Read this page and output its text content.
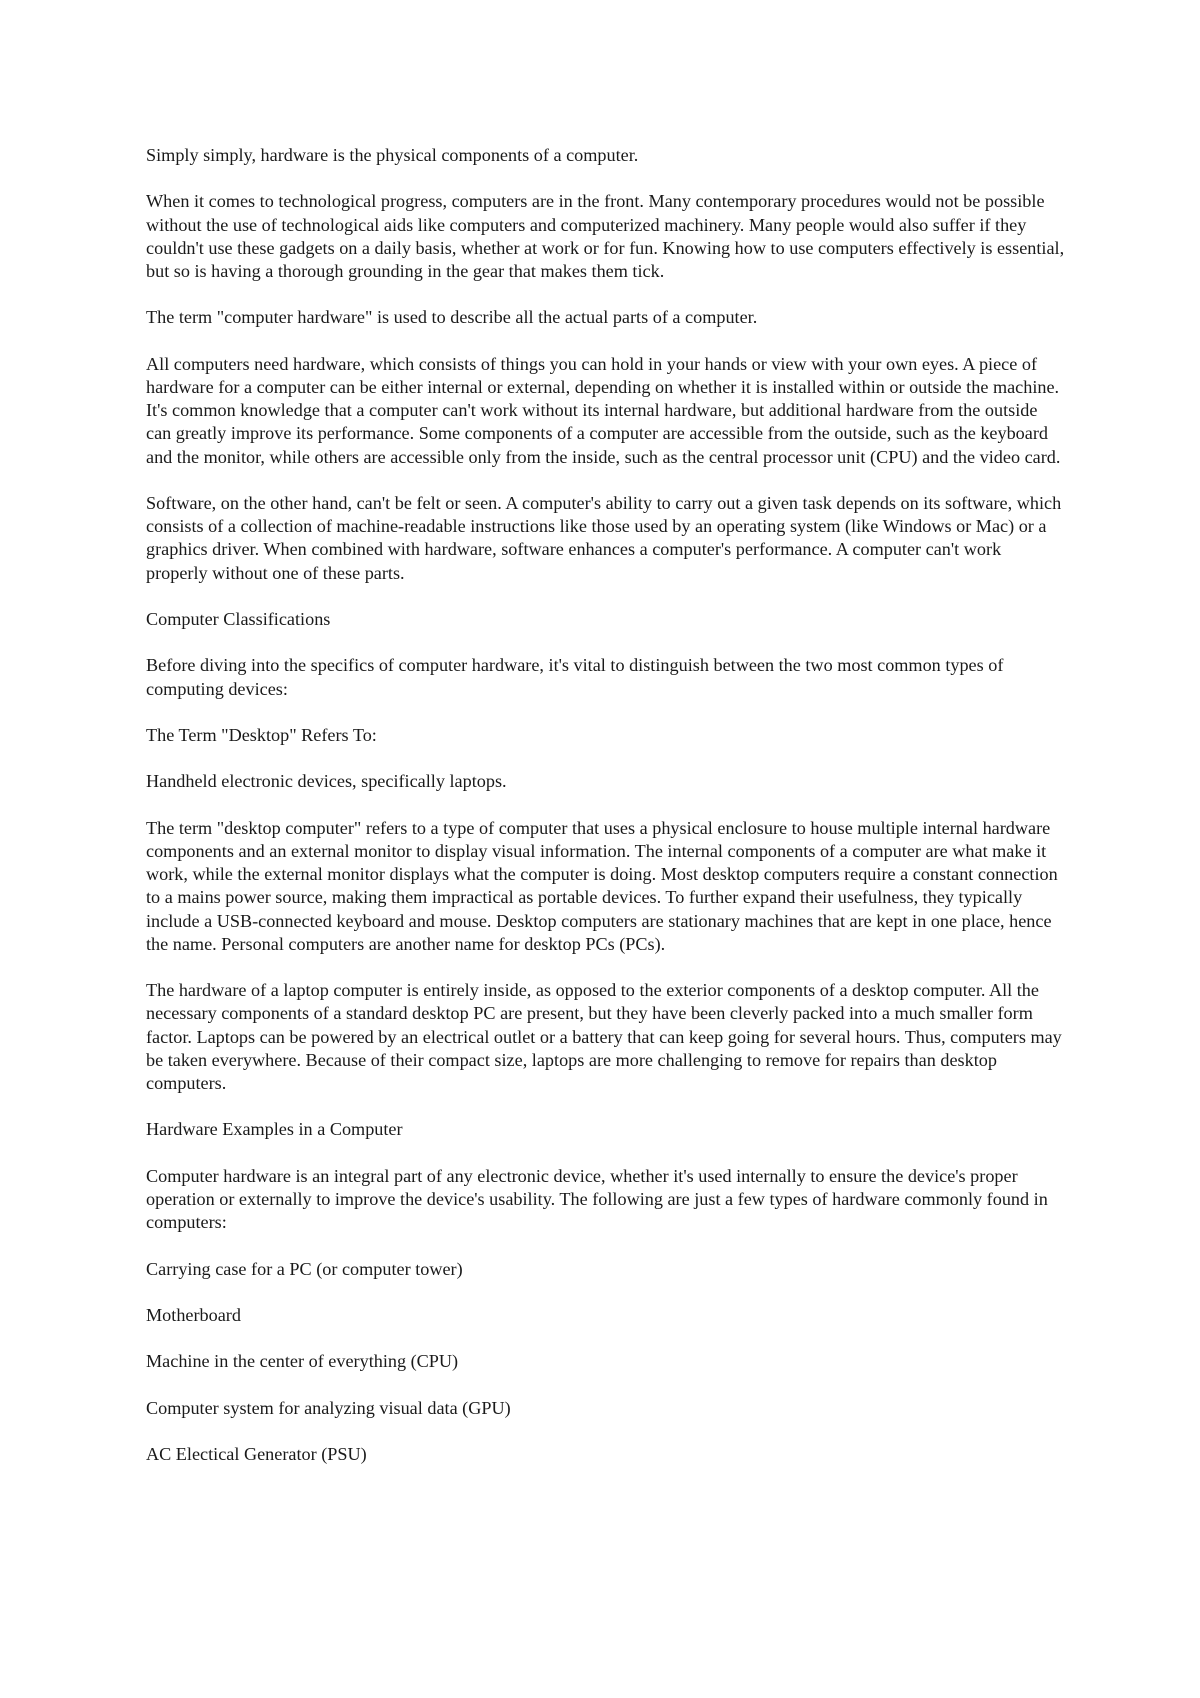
Simply simply, hardware is the physical components of a computer.

When it comes to technological progress, computers are in the front. Many contemporary procedures would not be possible without the use of technological aids like computers and computerized machinery. Many people would also suffer if they couldn't use these gadgets on a daily basis, whether at work or for fun. Knowing how to use computers effectively is essential, but so is having a thorough grounding in the gear that makes them tick.

The term "computer hardware" is used to describe all the actual parts of a computer.

All computers need hardware, which consists of things you can hold in your hands or view with your own eyes. A piece of hardware for a computer can be either internal or external, depending on whether it is installed within or outside the machine. It's common knowledge that a computer can't work without its internal hardware, but additional hardware from the outside can greatly improve its performance. Some components of a computer are accessible from the outside, such as the keyboard and the monitor, while others are accessible only from the inside, such as the central processor unit (CPU) and the video card.

Software, on the other hand, can't be felt or seen. A computer's ability to carry out a given task depends on its software, which consists of a collection of machine-readable instructions like those used by an operating system (like Windows or Mac) or a graphics driver. When combined with hardware, software enhances a computer's performance. A computer can't work properly without one of these parts.

Computer Classifications

Before diving into the specifics of computer hardware, it's vital to distinguish between the two most common types of computing devices:

The Term "Desktop" Refers To:

Handheld electronic devices, specifically laptops.

The term "desktop computer" refers to a type of computer that uses a physical enclosure to house multiple internal hardware components and an external monitor to display visual information. The internal components of a computer are what make it work, while the external monitor displays what the computer is doing. Most desktop computers require a constant connection to a mains power source, making them impractical as portable devices. To further expand their usefulness, they typically include a USB-connected keyboard and mouse. Desktop computers are stationary machines that are kept in one place, hence the name. Personal computers are another name for desktop PCs (PCs).

The hardware of a laptop computer is entirely inside, as opposed to the exterior components of a desktop computer. All the necessary components of a standard desktop PC are present, but they have been cleverly packed into a much smaller form factor. Laptops can be powered by an electrical outlet or a battery that can keep going for several hours. Thus, computers may be taken everywhere. Because of their compact size, laptops are more challenging to remove for repairs than desktop computers.

Hardware Examples in a Computer

Computer hardware is an integral part of any electronic device, whether it's used internally to ensure the device's proper operation or externally to improve the device's usability. The following are just a few types of hardware commonly found in computers:

Carrying case for a PC (or computer tower)

Motherboard

Machine in the center of everything (CPU)

Computer system for analyzing visual data (GPU)

AC Electical Generator (PSU)
